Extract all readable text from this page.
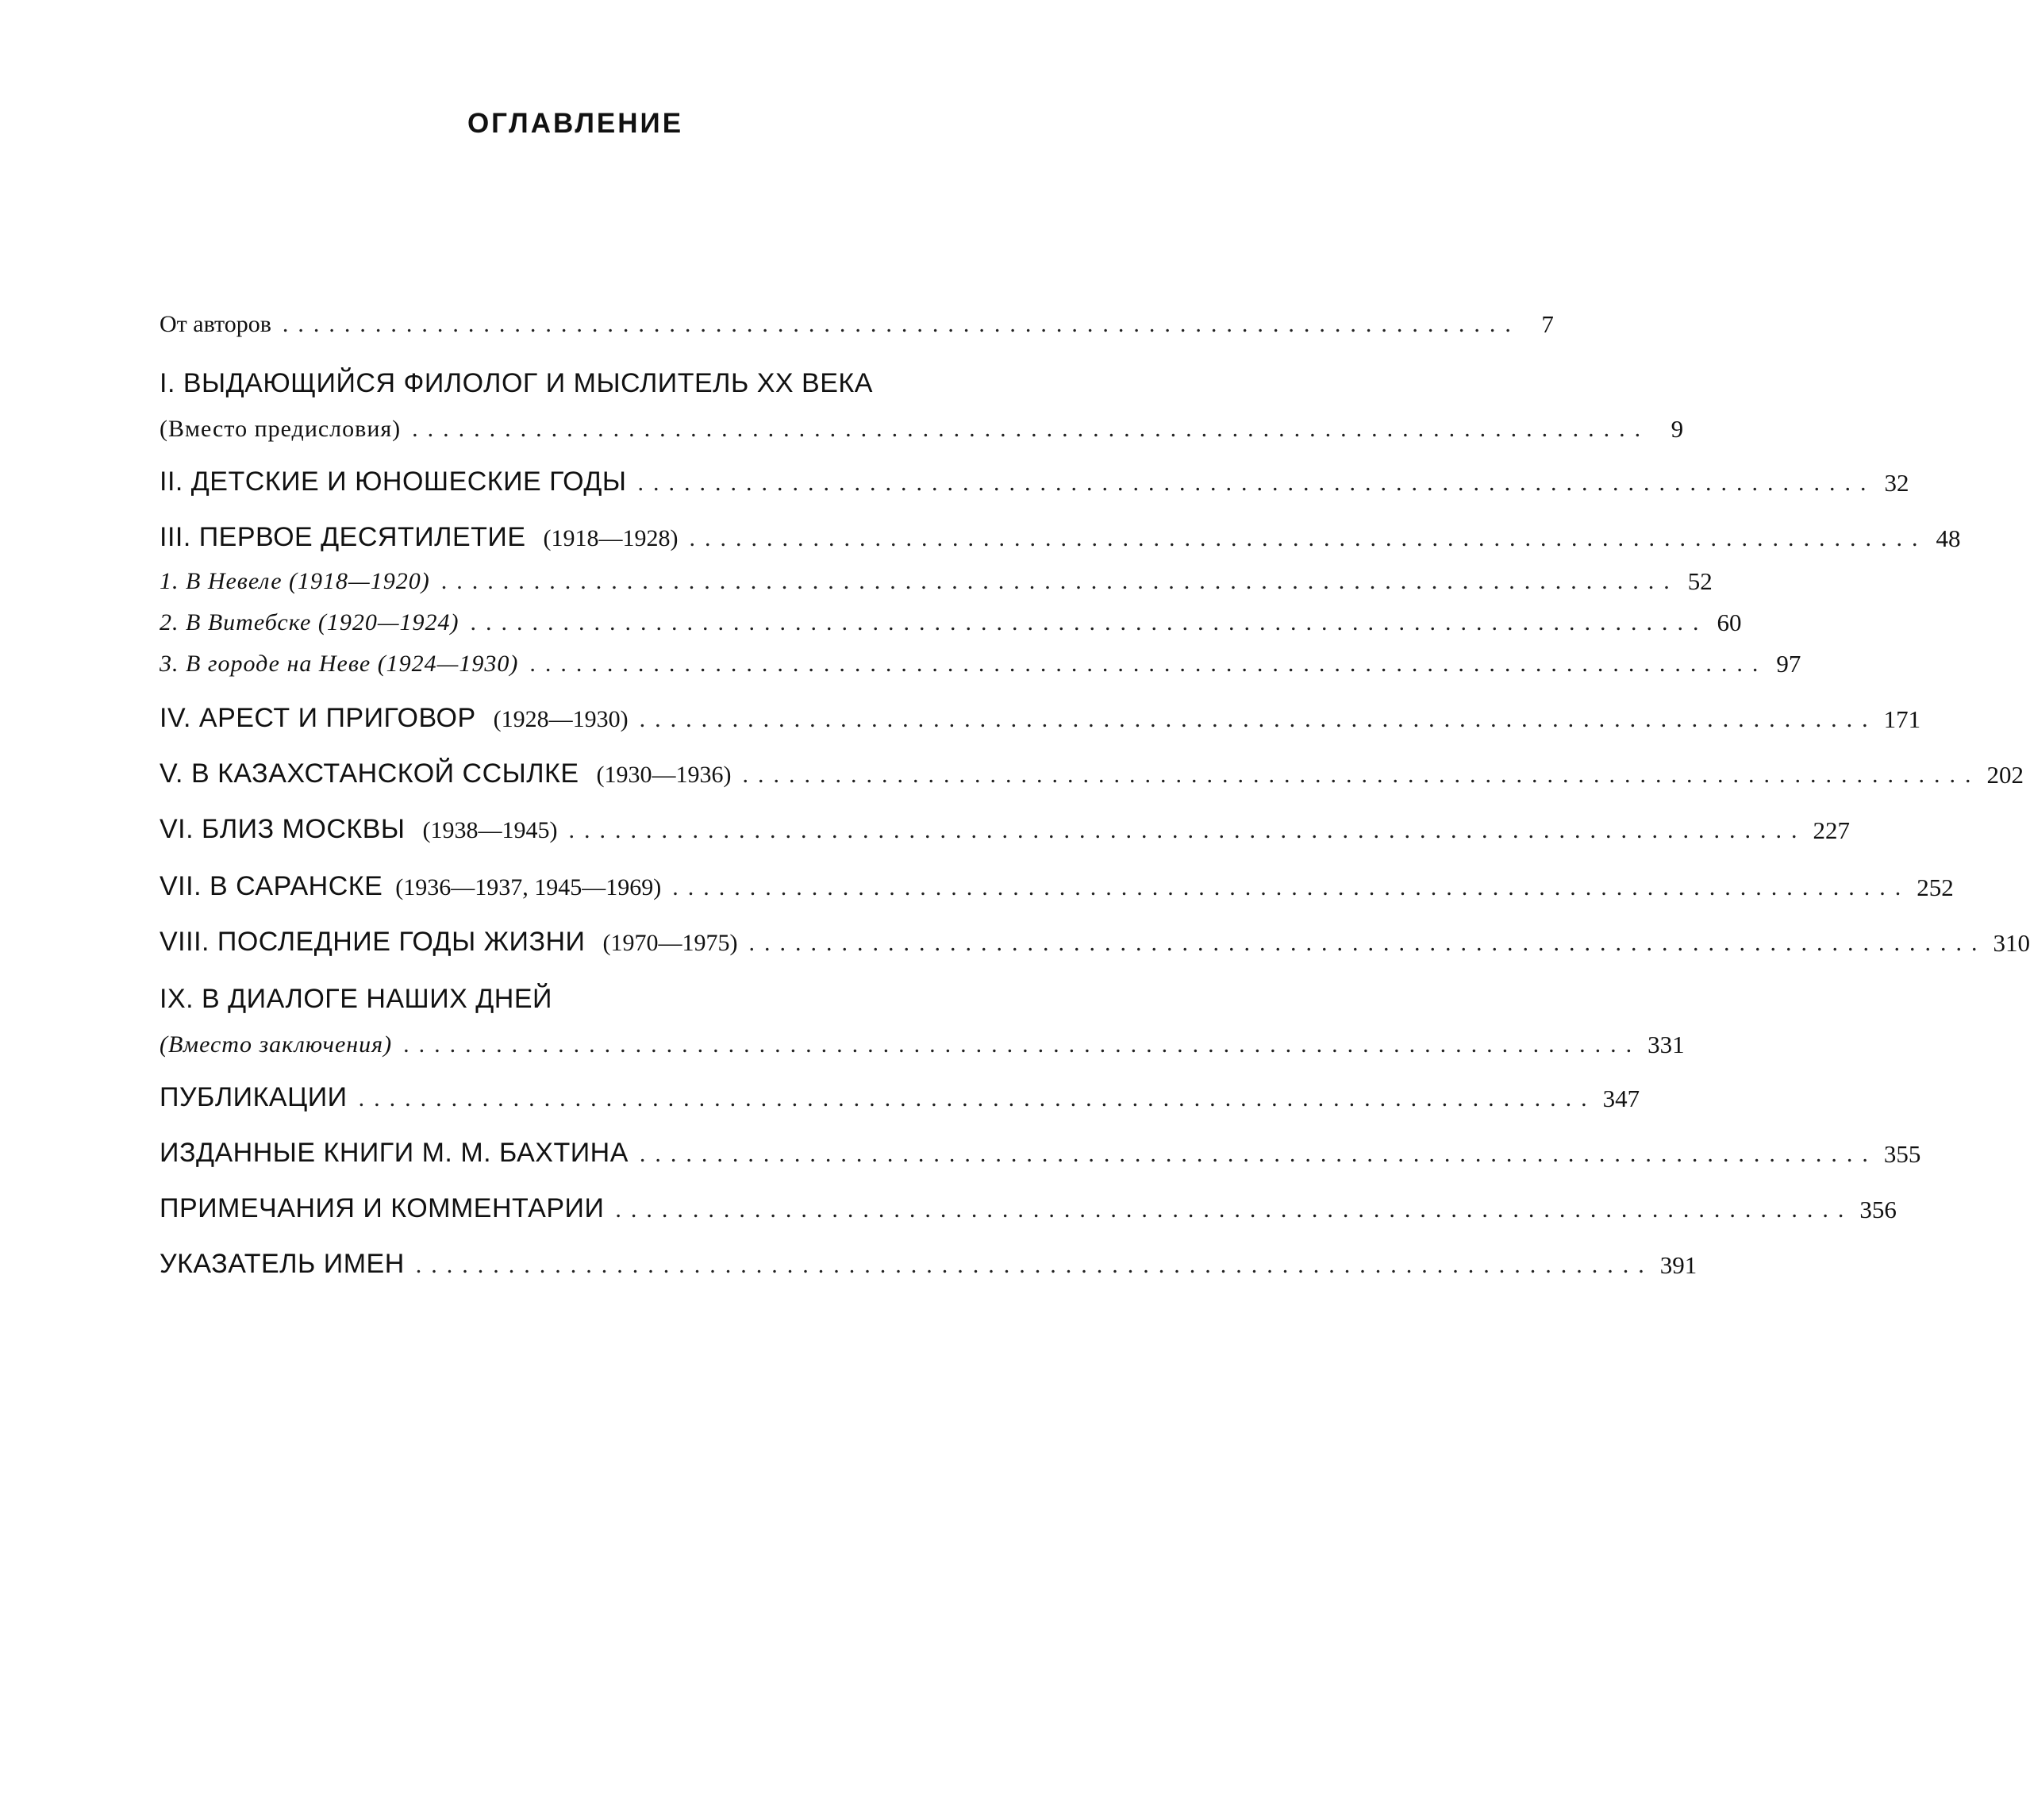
ОГЛАВЛЕНИЕ
От авторов ................................................................................ 7
I. ВЫДАЮЩИЙСЯ ФИЛОЛОГ И МЫСЛИТЕЛЬ XX ВЕКА
(Вместо предисловия) ................................................................................ 9
II. ДЕТСКИЕ И ЮНОШЕСКИЕ ГОДЫ ................................................................................ 32
III. ПЕРВОЕ ДЕСЯТИЛЕТИЕ (1918—1928) ................................................................................ 48
1. В Невеле (1918—1920) ................................................................................ 52
2. В Витебске (1920—1924) ................................................................................ 60
3. В городе на Неве (1924—1930) ................................................................................ 97
IV. АРЕСТ И ПРИГОВОР (1928—1930) ................................................................................ 171
V. В КАЗАХСТАНСКОЙ ССЫЛКЕ (1930—1936) ................................................................................ 202
VI. БЛИЗ МОСКВЫ (1938—1945) ................................................................................ 227
VII. В САРАНСКЕ (1936—1937, 1945—1969) ................................................................................ 252
VIII. ПОСЛЕДНИЕ ГОДЫ ЖИЗНИ (1970—1975) ................................................................................ 310
IX. В ДИАЛОГЕ НАШИХ ДНЕЙ
(Вместо заключения) ................................................................................ 331
ПУБЛИКАЦИИ ................................................................................ 347
ИЗДАННЫЕ КНИГИ М. М. БАХТИНА ................................................................................ 355
ПРИМЕЧАНИЯ И КОММЕНТАРИИ ................................................................................ 356
УКАЗАТЕЛЬ ИМЕН ................................................................................ 391
